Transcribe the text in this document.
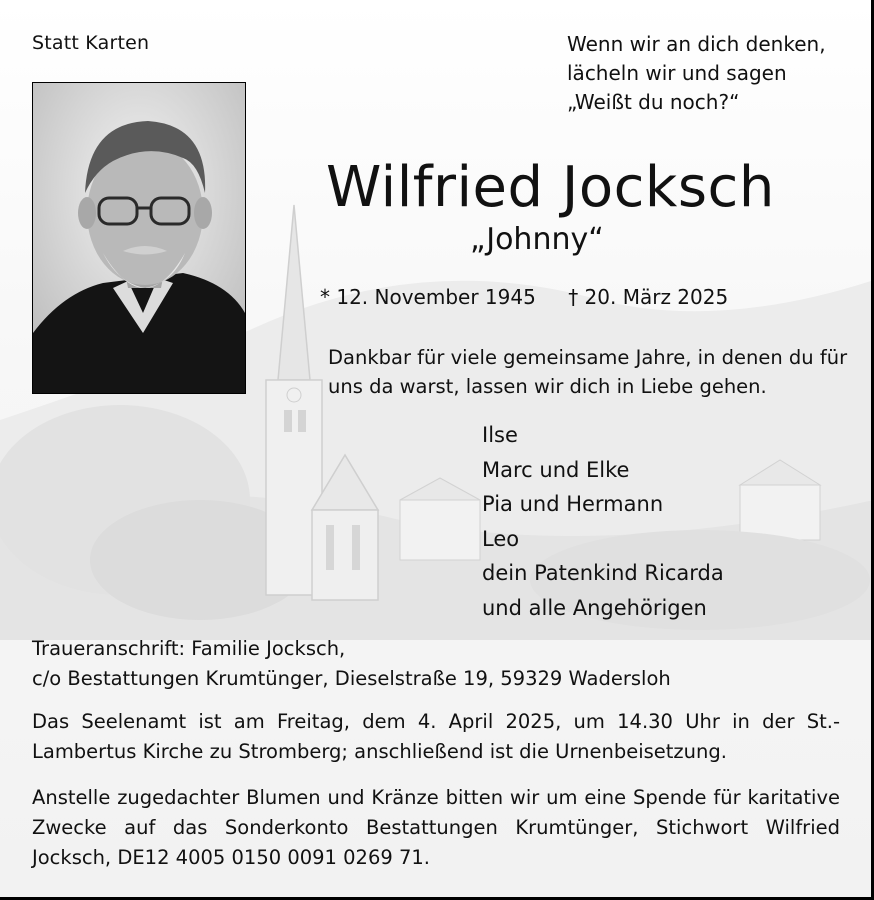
Statt Karten	Wenn wir an dich denken,
lächeln wir und sagen
„Weißt du noch?“
Wilfried Jocksch
„Johnny“
* 12. November 1945 † 20. März 2025
Dankbar für viele gemeinsame Jahre, in denen du für uns da warst, lassen wir dich in Liebe gehen.
Ilse
Marc und Elke
Pia und Hermann
Leo
dein Patenkind Ricarda
und alle Angehörigen
Traueranschrift: Familie Jocksch,
c/o Bestattungen Krumtünger, Dieselstraße 19, 59329 Wadersloh
Das Seelenamt ist am Freitag, dem 4. April 2025, um 14.30 Uhr in der St.-Lambertus Kirche zu Stromberg; anschließend ist die Urnenbeisetzung.
Anstelle zugedachter Blumen und Kränze bitten wir um eine Spende für karitative Zwecke auf das Sonderkonto Bestattungen Krumtünger, Stichwort Wilfried Jocksch, DE12 4005 0150 0091 0269 71.
